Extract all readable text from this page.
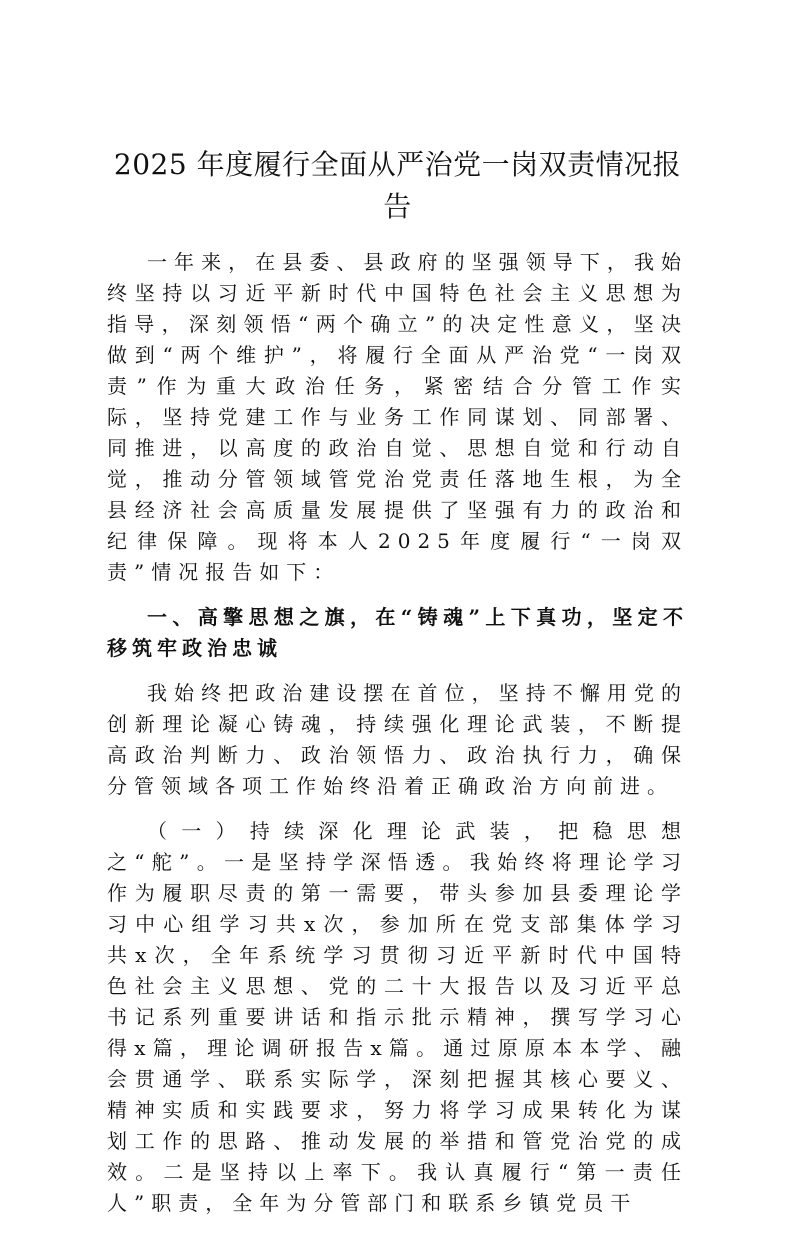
2025 年度履行全面从严治党一岗双责情况报告

一年来，在县委、县政府的坚强领导下，我始终坚持以习近平新时代中国特色社会主义思想为指导，深刻领悟“两个确立”的决定性意义，坚决做到“两个维护”，将履行全面从严治党“一岗双责”作为重大政治任务，紧密结合分管工作实际，坚持党建工作与业务工作同谋划、同部署、同推进，以高度的政治自觉、思想自觉和行动自觉，推动分管领域管党治党责任落地生根，为全县经济社会高质量发展提供了坚强有力的政治和纪律保障。现将本人2025年度履行“一岗双责”情况报告如下：

一、高擎思想之旗，在“铸魂”上下真功，坚定不移筑牢政治忠诚

我始终把政治建设摆在首位，坚持不懈用党的创新理论凝心铸魂，持续强化理论武装，不断提高政治判断力、政治领悟力、政治执行力，确保分管领域各项工作始终沿着正确政治方向前进。

（一）持续深化理论武装，把稳思想之“舵”。一是坚持学深悟透。我始终将理论学习作为履职尽责的第一需要，带头参加县委理论学习中心组学习共x次，参加所在党支部集体学习共x次，全年系统学习贯彻习近平新时代中国特色社会主义思想、党的二十大报告以及习近平总书记系列重要讲话和指示批示精神，撰写学习心得x篇，理论调研报告x篇。通过原原本本学、融会贯通学、联系实际学，深刻把握其核心要义、精神实质和实践要求，努力将学习成果转化为谋划工作的思路、推动发展的举措和管党治党的成效。二是坚持以上率下。我认真履行“第一责任人”职责，全年为分管部门和联系乡镇党员干
